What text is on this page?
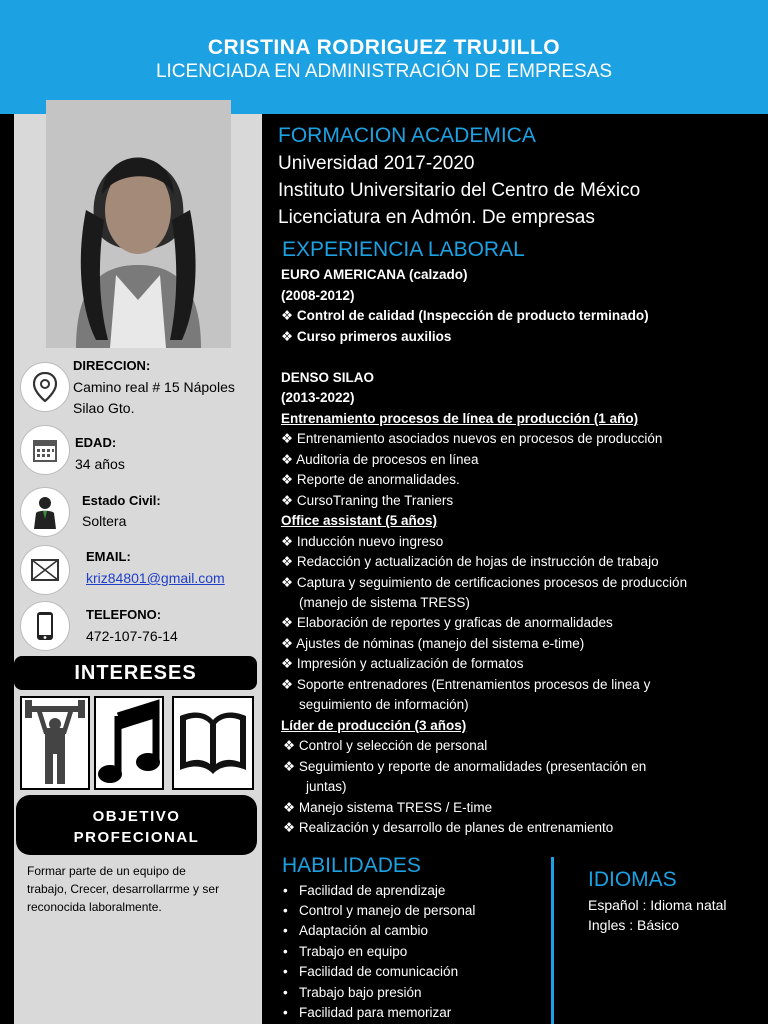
CRISTINA RODRIGUEZ TRUJILLO
LICENCIADA EN ADMINISTRACIÓN DE EMPRESAS
DIRECCION:
Camino real # 15 Nápoles
Silao Gto.
EDAD:
34 años
Estado Civil:
Soltera
EMAIL:
kriz84801@gmail.com
TELEFONO:
472-107-76-14
INTERESES
OBJETIVO
PROFECIONAL
Formar parte de un equipo de
trabajo, Crecer, desarrollarrme y ser
reconocida laboralmente.
FORMACION ACADEMICA
Universidad 2017-2020
Instituto Universitario del Centro de México
Licenciatura en Admón. De empresas
EXPERIENCIA LABORAL
EURO AMERICANA (calzado)
(2008-2012)
❖ Control de calidad (Inspección de producto terminado)
❖ Curso primeros auxilios
DENSO SILAO
(2013-2022)
Entrenamiento procesos de línea de producción (1 año)
❖ Entrenamiento asociados nuevos en procesos de producción
❖ Auditoria de procesos en línea
❖ Reporte de anormalidades.
❖ CursoTraning the Traniers
Office assistant (5 años)
❖ Inducción nuevo ingreso
❖ Redacción y actualización de hojas de instrucción de trabajo
❖ Captura y seguimiento de certificaciones procesos de producción
(manejo de sistema TRESS)
❖ Elaboración de reportes y graficas de anormalidades
❖ Ajustes de nóminas (manejo del sistema e-time)
❖ Impresión y actualización de formatos
❖ Soporte entrenadores (Entrenamientos procesos de linea y
seguimiento de información)
Líder de producción (3 años)
❖ Control y selección de personal
❖ Seguimiento y reporte de anormalidades (presentación en
juntas)
❖ Manejo sistema TRESS / E-time
❖ Realización y desarrollo de planes de entrenamiento
HABILIDADES
•   Facilidad de aprendizaje
•   Control y manejo de personal
•   Adaptación al cambio
•   Trabajo en equipo
•   Facilidad de comunicación
•   Trabajo bajo presión
•   Facilidad para memorizar
IDIOMAS
Español : Idioma natal
Ingles : Básico
